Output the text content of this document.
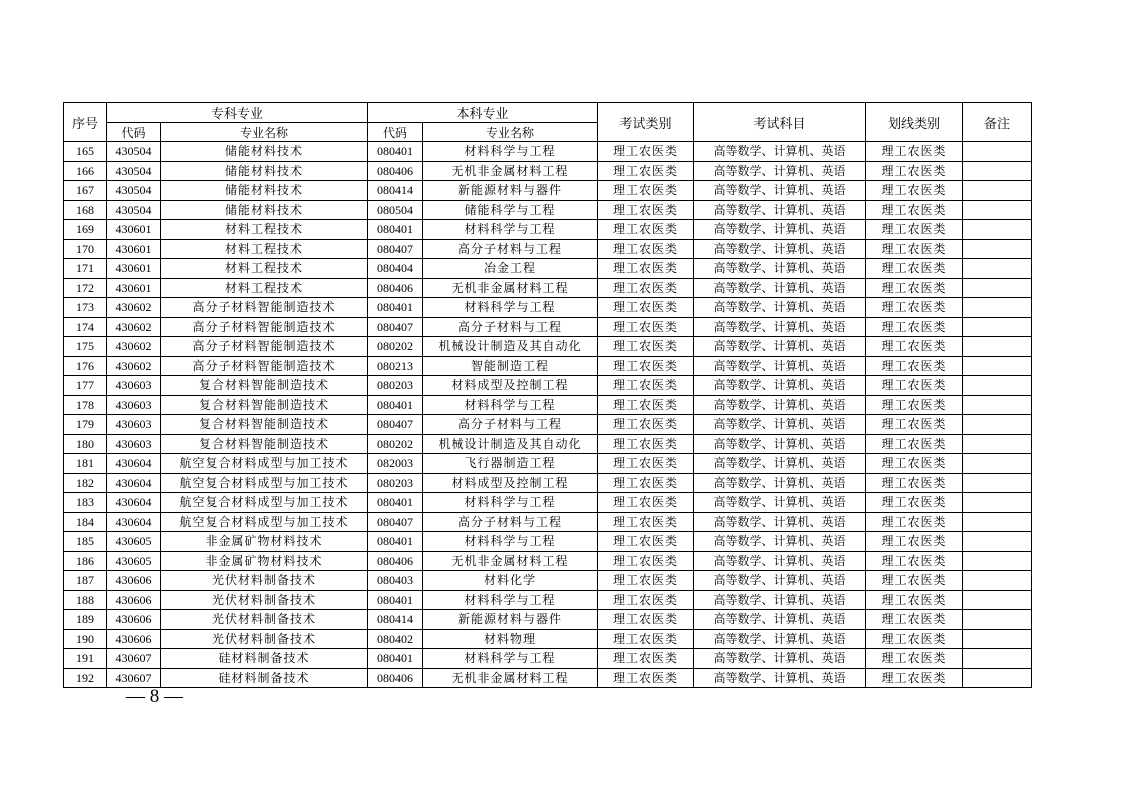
序号	专科专业		本科专业		考试类别	考试科目	划线类别	备注
	代码	专业名称	代码	专业名称				
165	430504	储能材料技术	080401	材料科学与工程	理工农医类	高等数学、计算机、英语	理工农医类	
166	430504	储能材料技术	080406	无机非金属材料工程	理工农医类	高等数学、计算机、英语	理工农医类	
167	430504	储能材料技术	080414	新能源材料与器件	理工农医类	高等数学、计算机、英语	理工农医类	
168	430504	储能材料技术	080504	储能科学与工程	理工农医类	高等数学、计算机、英语	理工农医类	
169	430601	材料工程技术	080401	材料科学与工程	理工农医类	高等数学、计算机、英语	理工农医类	
170	430601	材料工程技术	080407	高分子材料与工程	理工农医类	高等数学、计算机、英语	理工农医类	
171	430601	材料工程技术	080404	冶金工程	理工农医类	高等数学、计算机、英语	理工农医类	
172	430601	材料工程技术	080406	无机非金属材料工程	理工农医类	高等数学、计算机、英语	理工农医类	
173	430602	高分子材料智能制造技术	080401	材料科学与工程	理工农医类	高等数学、计算机、英语	理工农医类	
174	430602	高分子材料智能制造技术	080407	高分子材料与工程	理工农医类	高等数学、计算机、英语	理工农医类	
175	430602	高分子材料智能制造技术	080202	机械设计制造及其自动化	理工农医类	高等数学、计算机、英语	理工农医类	
176	430602	高分子材料智能制造技术	080213	智能制造工程	理工农医类	高等数学、计算机、英语	理工农医类	
177	430603	复合材料智能制造技术	080203	材料成型及控制工程	理工农医类	高等数学、计算机、英语	理工农医类	
178	430603	复合材料智能制造技术	080401	材料科学与工程	理工农医类	高等数学、计算机、英语	理工农医类	
179	430603	复合材料智能制造技术	080407	高分子材料与工程	理工农医类	高等数学、计算机、英语	理工农医类	
180	430603	复合材料智能制造技术	080202	机械设计制造及其自动化	理工农医类	高等数学、计算机、英语	理工农医类	
181	430604	航空复合材料成型与加工技术	082003	飞行器制造工程	理工农医类	高等数学、计算机、英语	理工农医类	
182	430604	航空复合材料成型与加工技术	080203	材料成型及控制工程	理工农医类	高等数学、计算机、英语	理工农医类	
183	430604	航空复合材料成型与加工技术	080401	材料科学与工程	理工农医类	高等数学、计算机、英语	理工农医类	
184	430604	航空复合材料成型与加工技术	080407	高分子材料与工程	理工农医类	高等数学、计算机、英语	理工农医类	
185	430605	非金属矿物材料技术	080401	材料科学与工程	理工农医类	高等数学、计算机、英语	理工农医类	
186	430605	非金属矿物材料技术	080406	无机非金属材料工程	理工农医类	高等数学、计算机、英语	理工农医类	
187	430606	光伏材料制备技术	080403	材料化学	理工农医类	高等数学、计算机、英语	理工农医类	
188	430606	光伏材料制备技术	080401	材料科学与工程	理工农医类	高等数学、计算机、英语	理工农医类	
189	430606	光伏材料制备技术	080414	新能源材料与器件	理工农医类	高等数学、计算机、英语	理工农医类	
190	430606	光伏材料制备技术	080402	材料物理	理工农医类	高等数学、计算机、英语	理工农医类	
191	430607	硅材料制备技术	080401	材料科学与工程	理工农医类	高等数学、计算机、英语	理工农医类	
192	430607	硅材料制备技术	080406	无机非金属材料工程	理工农医类	高等数学、计算机、英语	理工农医类	
— 8 —
